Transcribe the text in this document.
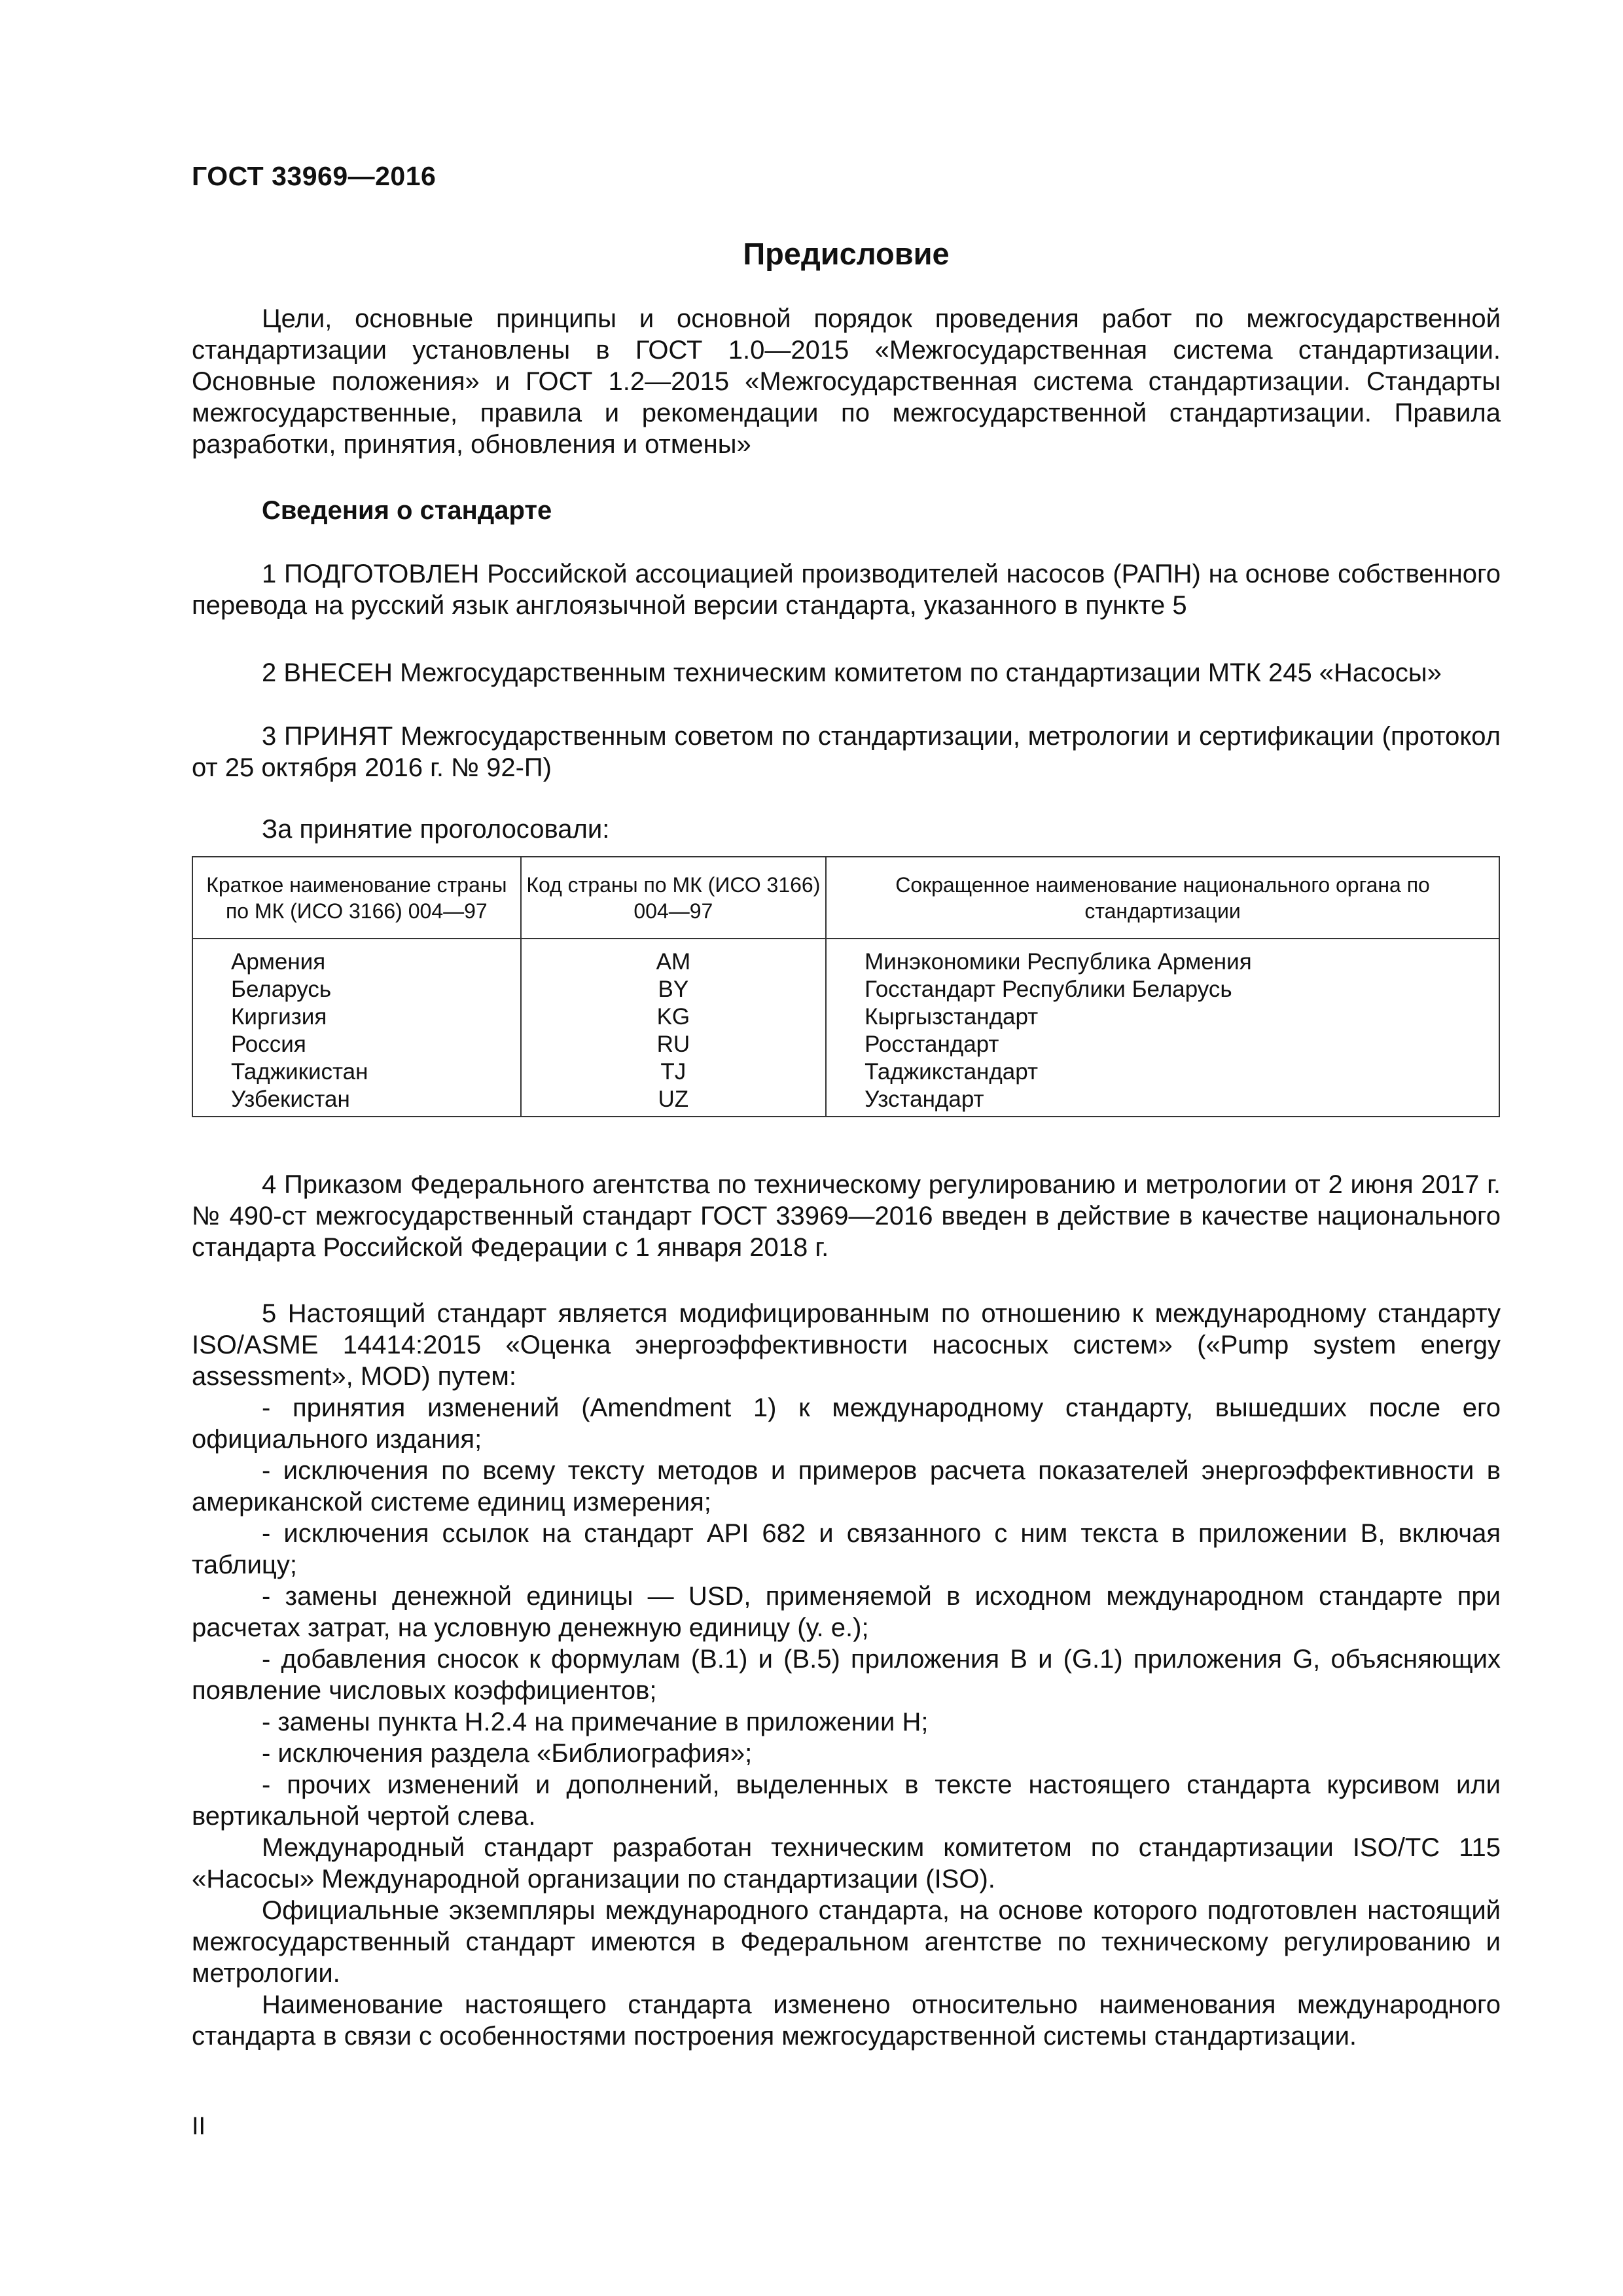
ГОСТ 33969—2016
Предисловие
Цели, основные принципы и основной порядок проведения работ по межгосударственной стандартизации установлены в ГОСТ 1.0—2015 «Межгосударственная система стандартизации. Основные положения» и ГОСТ 1.2—2015 «Межгосударственная система стандартизации. Стандарты межгосударственные, правила и рекомендации по межгосударственной стандартизации. Правила разработки, принятия, обновления и отмены»
Сведения о стандарте
1 ПОДГОТОВЛЕН Российской ассоциацией производителей насосов (РАПН) на основе собственного перевода на русский язык англоязычной версии стандарта, указанного в пункте 5
2 ВНЕСЕН Межгосударственным техническим комитетом по стандартизации МТК 245 «Насосы»
3 ПРИНЯТ Межгосударственным советом по стандартизации, метрологии и сертификации (протокол от 25 октября 2016 г. № 92-П)
За принятие проголосовали:
Краткое наименование страны по МК (ИСО 3166) 004—97	Код страны по МК (ИСО 3166) 004—97	Сокращенное наименование национального органа по стандартизации
Армения	AM	Минэкономики Республика Армения
Беларусь	BY	Госстандарт Республики Беларусь
Киргизия	KG	Кыргызстандарт
Россия	RU	Росстандарт
Таджикистан	TJ	Таджикстандарт
Узбекистан	UZ	Узстандарт
4 Приказом Федерального агентства по техническому регулированию и метрологии от 2 июня 2017 г. № 490-ст межгосударственный стандарт ГОСТ 33969—2016 введен в действие в качестве национального стандарта Российской Федерации с 1 января 2018 г.
5 Настоящий стандарт является модифицированным по отношению к международному стандарту ISO/ASME 14414:2015 «Оценка энергоэффективности насосных систем» («Pump system energy assessment», MOD) путем:
- принятия изменений (Amendment 1) к международному стандарту, вышедших после его официального издания;
- исключения по всему тексту методов и примеров расчета показателей энергоэффективности в американской системе единиц измерения;
- исключения ссылок на стандарт API 682 и связанного с ним текста в приложении B, включая таблицу;
- замены денежной единицы — USD, применяемой в исходном международном стандарте при расчетах затрат, на условную денежную единицу (у. е.);
- добавления сносок к формулам (B.1) и (B.5) приложения B и (G.1) приложения G, объясняющих появление числовых коэффициентов;
- замены пункта H.2.4 на примечание в приложении H;
- исключения раздела «Библиография»;
- прочих изменений и дополнений, выделенных в тексте настоящего стандарта курсивом или вертикальной чертой слева.
Международный стандарт разработан техническим комитетом по стандартизации ISO/TC 115 «Насосы» Международной организации по стандартизации (ISO).
Официальные экземпляры международного стандарта, на основе которого подготовлен настоящий межгосударственный стандарт имеются в Федеральном агентстве по техническому регулированию и метрологии.
Наименование настоящего стандарта изменено относительно наименования международного стандарта в связи с особенностями построения межгосударственной системы стандартизации.
II
